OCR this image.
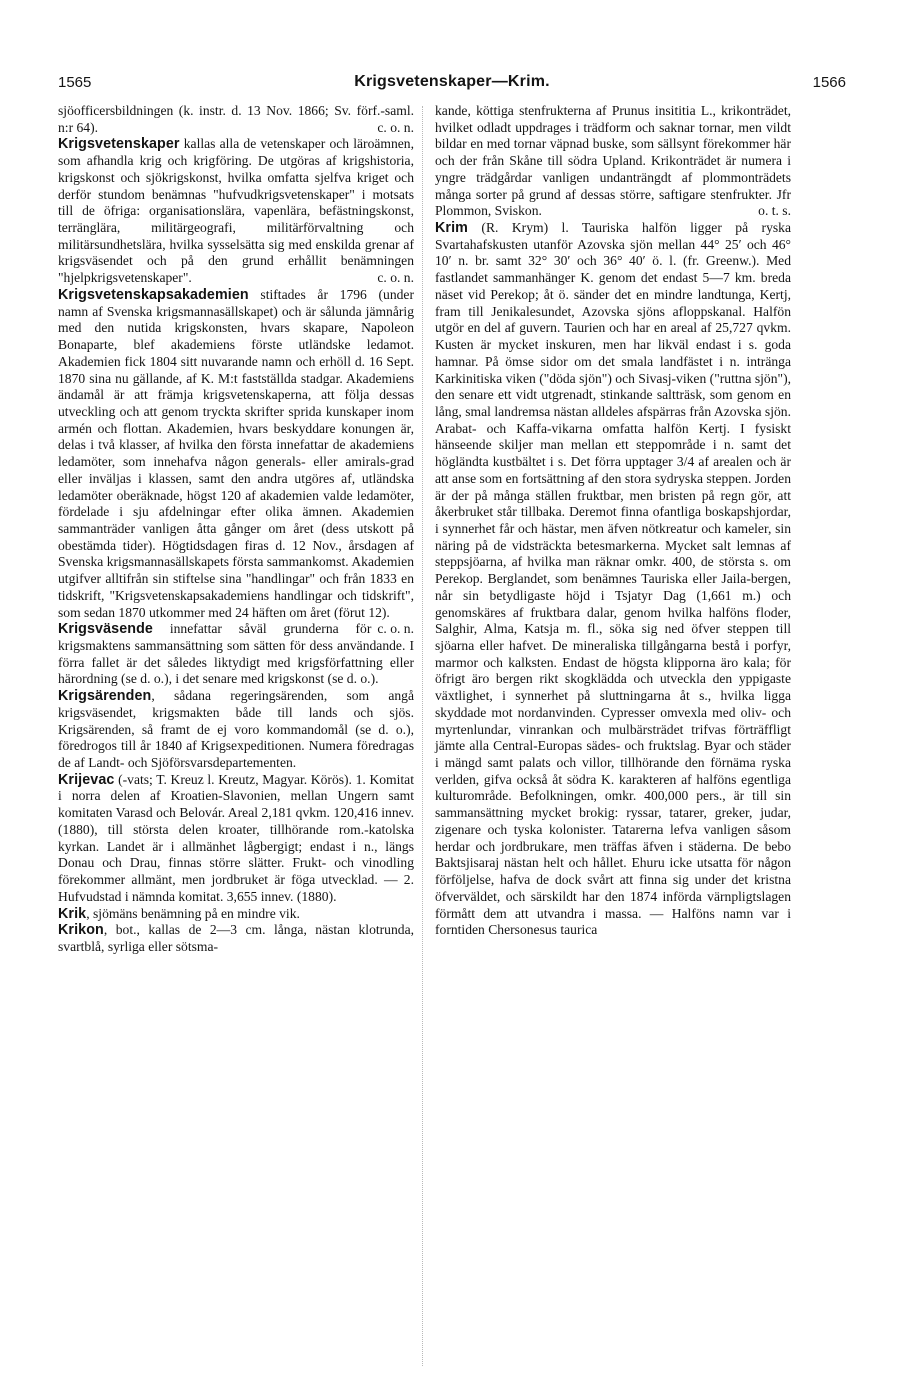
1565	Krigsvetenskaper—Krim.	1566

sjöofficersbildningen (k. instr. d. 13 Nov. 1866; Sv. förf.-saml. n:r 64).	c. o. n.

Krigsvetenskaper kallas alla de vetenskaper och läroämnen, som afhandla krig och krigföring. De utgöras af krigshistoria, krigskonst och sjökrigskonst, hvilka omfatta sjelfva kriget och derför stundom benämnas "hufvudkrigsvetenskaper" i motsats till de öfriga: organisationslära, vapenlära, befästningskonst, terränglära, militärgeografi, militärförvaltning och militärsundhetslära, hvilka sysselsätta sig med enskilda grenar af krigsväsendet och på den grund erhållit benämningen "hjelpkrigsvetenskaper".	c. o. n.

Krigsvetenskapsakademien stiftades år 1796 (under namn af Svenska krigsmannasällskapet) och är sålunda jämnårig med den nutida krigskonsten, hvars skapare, Napoleon Bonaparte, blef akademiens förste utländske ledamot. Akademien fick 1804 sitt nuvarande namn och erhöll d. 16 Sept. 1870 sina nu gällande, af K. M:t fastställda stadgar. Akademiens ändamål är att främja krigsvetenskaperna, att följa dessas utveckling och att genom tryckta skrifter sprida kunskaper inom armén och flottan. Akademien, hvars beskyddare konungen är, delas i två klasser, af hvilka den första innefattar de akademiens ledamöter, som innehafva någon generals- eller amirals-grad eller inväljas i klassen, samt den andra utgöres af, utländska ledamöter oberäknade, högst 120 af akademien valde ledamöter, fördelade i sju afdelningar efter olika ämnen. Akademien sammanträder vanligen åtta gånger om året (dess utskott på obestämda tider). Högtidsdagen firas d. 12 Nov., årsdagen af Svenska krigsmannasällskapets första sammankomst. Akademien utgifver alltifrån sin stiftelse sina "handlingar" och från 1833 en tidskrift, "Krigsvetenskapsakademiens handlingar och tidskrift", som sedan 1870 utkommer med 24 häften om året (förut 12).
c. o. n.

Krigsväsende innefattar såväl grunderna för krigsmaktens sammansättning som sätten för dess användande. I förra fallet är det således liktydigt med krigsförfattning eller härordning (se d. o.), i det senare med krigskonst (se d. o.).

Krigsärenden, sådana regeringsärenden, som angå krigsväsendet, krigsmakten både till lands och sjös. Krigsärenden, så framt de ej voro kommandomål (se d. o.), föredrogos till år 1840 af Krigsexpeditionen. Numera föredragas de af Landt- och Sjöförsvarsdepartementen.

Krijevac (-vats; T. Kreuz l. Kreutz, Magyar. Körös). 1. Komitat i norra delen af Kroatien-Slavonien, mellan Ungern samt komitaten Varasd och Belovár. Areal 2,181 qvkm. 120,416 innev. (1880), till största delen kroater, tillhörande rom.-katolska kyrkan. Landet är i allmänhet lågbergigt; endast i n., längs Donau och Drau, finnas större slätter. Frukt- och vinodling förekommer allmänt, men jordbruket är föga utvecklad. — 2. Hufvudstad i nämnda komitat. 3,655 innev. (1880).

Krik, sjömäns benämning på en mindre vik.

Krikon, bot., kallas de 2—3 cm. långa, nästan klotrunda, svartblå, syrliga eller sötsma-

kande, köttiga stenfrukterna af Prunus insititia L., krikonträdet, hvilket odladt uppdrages i trädform och saknar tornar, men vildt bildar en med tornar väpnad buske, som sällsynt förekommer här och der från Skåne till södra Upland. Krikonträdet är numera i yngre trädgårdar vanligen undanträngdt af plommonträdets många sorter på grund af dessas större, saftigare stenfrukter. Jfr Plommon, Sviskon.	o. t. s.

Krim (R. Krym) l. Tauriska halfön ligger på ryska Svartahafskusten utanför Azovska sjön mellan 44° 25′ och 46° 10′ n. br. samt 32° 30′ och 36° 40′ ö. l. (fr. Greenw.). Med fastlandet sammanhänger K. genom det endast 5—7 km. breda näset vid Perekop; åt ö. sänder det en mindre landtunga, Kertj, fram till Jenikalesundet, Azovska sjöns afloppskanal. Halfön utgör en del af guvern. Taurien och har en areal af 25,727 qvkm. Kusten är mycket inskuren, men har likväl endast i s. goda hamnar. På ömse sidor om det smala landfästet i n. intränga Karkinitiska viken ("döda sjön") och Sivasj-viken ("ruttna sjön"), den senare ett vidt utgrenadt, stinkande saltträsk, som genom en lång, smal landremsa nästan alldeles afspärras från Azovska sjön. Arabat- och Kaffa-vikarna omfatta halfön Kertj. I fysiskt hänseende skiljer man mellan ett steppområde i n. samt det högländta kustbältet i s. Det förra upptager 3/4 af arealen och är att anse som en fortsättning af den stora sydryska steppen. Jorden är der på många ställen fruktbar, men bristen på regn gör, att åkerbruket står tillbaka. Deremot finna ofantliga boskapshjordar, i synnerhet får och hästar, men äfven nötkreatur och kameler, sin näring på de vidsträckta betesmarkerna. Mycket salt lemnas af steppsjöarna, af hvilka man räknar omkr. 400, de största s. om Perekop. Berglandet, som benämnes Tauriska eller Jaila-bergen, når sin betydligaste höjd i Tsjatyr Dag (1,661 m.) och genomskäres af fruktbara dalar, genom hvilka halföns floder, Salghir, Alma, Katsja m. fl., söka sig ned öfver steppen till sjöarna eller hafvet. De mineraliska tillgångarna bestå i porfyr, marmor och kalksten. Endast de högsta klipporna äro kala; för öfrigt äro bergen rikt skogklädda och utveckla den yppigaste växtlighet, i synnerhet på sluttningarna åt s., hvilka ligga skyddade mot nordanvinden. Cypresser omvexla med oliv- och myrtenlundar, vinrankan och mulbärsträdet trifvas förträffligt jämte alla Central-Europas sädes- och fruktslag. Byar och städer i mängd samt palats och villor, tillhörande den förnäma ryska verlden, gifva också åt södra K. karakteren af halföns egentliga kulturområde. Befolkningen, omkr. 400,000 pers., är till sin sammansättning mycket brokig: ryssar, tatarer, greker, judar, zigenare och tyska kolonister. Tatarerna lefva vanligen såsom herdar och jordbrukare, men träffas äfven i städerna. De bebo Baktsjisaraj nästan helt och hållet. Ehuru icke utsatta för någon förföljelse, hafva de dock svårt att finna sig under det kristna öfverväldet, och särskildt har den 1874 införda värnpligtslagen förmått dem att utvandra i massa. — Halföns namn var i forntiden Chersonesus taurica
